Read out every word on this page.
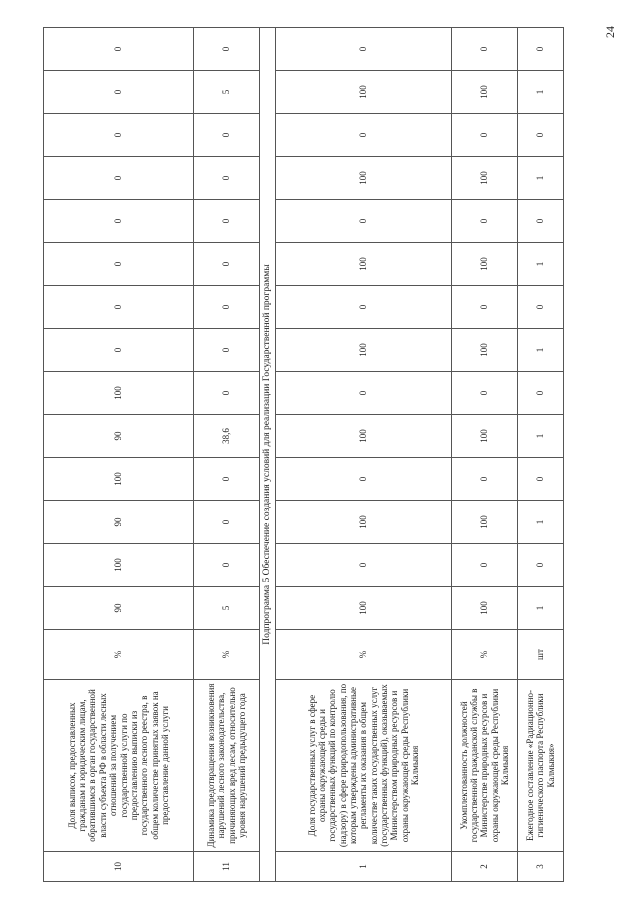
24
10	Доля выписок, предоставленных гражданам и юридическим лицам, обратившимся в орган государственной власти субъекта РФ в области лесных отношений за получением государственной услуги по предоставлению выписки из государственного лесного реестра, в общем количестве принятых заявок на предоставление данной услуги	%	90	100	90	100	90	100	0	0	0	0	0	0	0	0
11	Динамика предотвращения возникновения нарушений лесного законодательства, причиняющих вред лесам, относительно уровня нарушений предыдущего года	%	5	0	0	0	38,6	0	0	0	0	0	0	0	5	0
Подпрограмма 5 Обеспечение создания условий для реализации Государственной программы																
1	Доля государственных услуг в сфере охраны окружающей среды и государственных функций по контролю (надзору) в сфере природопользования, по которым утверждены административные регламенты их оказания в общем количестве таких государственных услуг (государственных функций), оказываемых Министерством природных ресурсов и охраны окружающей среды Республики Калмыкия	%	100	0	100	0	100	0	100	0	100	0	100	0	100	0
2	Укомплектованность должностей государственной гражданской службы в Министерстве природных ресурсов и охраны окружающей среды Республики Калмыкия	%	100	0	100	0	100	0	100	0	100	0	100	0	100	0
3	Ежегодное составление «Радиационно-гигиенического паспорта Республики Калмыкия»	шт	1	0	1	0	1	0	1	0	1	0	1	0	1	0
